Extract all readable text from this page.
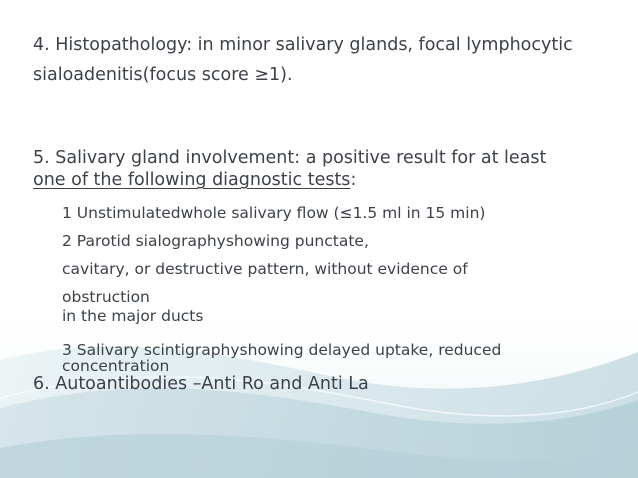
4. Histopathology: in minor salivary glands, focal lymphocytic
sialoadenitis(focus score ≥1).
5. Salivary gland involvement: a positive result for at least
one of the following diagnostic tests:
1 Unstimulatedwhole salivary flow (≤1.5 ml in 15 min)
2 Parotid sialographyshowing punctate,
cavitary, or destructive pattern, without evidence of
obstruction
in the major ducts
3 Salivary scintigraphyshowing delayed uptake, reduced
concentration
6. Autoantibodies –Anti Ro and Anti La
